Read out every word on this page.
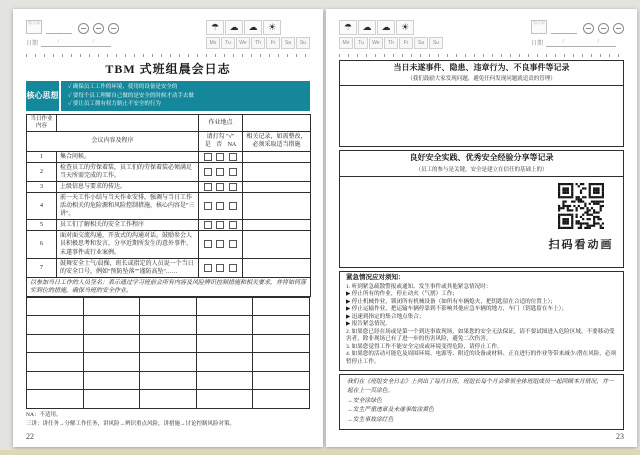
第几周
日期	/	/
☂	☁	☁	☀
Mo	Tu	We	Th	Fr	Sa	Su
TBM 式班组晨会日志
核心思想
✓ 确保员工工作的环境、使用的设备是安全的
✓ 要每个员工理解自己做的是安全的时候才动手去做
✓ 要让员工拥有权力制止不安全的行为
当日作业内容		作业地点	
会议内容及程序		请打勾 "√"
是 否 NA	相关记录，如需整改，必须采取适当措施
1	集合问候。	

2	检查员工的劳保着装，员工们的劳保着装必须满足当天所需完成的工作。	

3	上级信息与要求的传达。	

4	前一天工作小结与当天作业安排，强调与当日工作活动相关的危险源和风险控制措施，核心内容是"三讲"。	

5	员工们了解相关的安全工作程序	

6	面对面交流沟通，开放式的沟通对话，鼓励参会人员积极思考和发言，分享近期所发生的意外事件、未遂事件或行业案例。	

7	鼓舞安全士气/晨操，班长或指定的人员说一个当日的安全口号，例如"预防坠落""谨防高坠"……	

以参加当日工作的人员签名：表示通过学习班前会所有内容及风险辨识控制措施和相关要求，并将如何落实到位的措施，确保当班的安全作业。			

NA：不适用。
三讲：讲任务→分解工作任务，讲风险→辨识重点风险，讲措施→讨论控制风险对策。
22
☂	☁	☁	☀
Mo	Tu	We	Th	Fr	Sa	Su
第几周
日期	/	/
当日未遂事件、隐患、违章行为、不良事件等记录
（我们鼓励大家发现问题，避免任何发现问题就追责的管理）
良好安全实践、优秀安全经验分享等记录
（员工的参与是关键，安全是建立在信任的基础上的）
扫码看动画
紧急情况应对须知：
1. 听到紧急疏散警报或通知、发生事件或其他紧急情况时：
▶ 停止所有的作业，停止动火（气割）工作；
▶ 停止机械作业，锁闭所有机械设备（如所有车辆熄火，把钥匙留在合适的位置上）；
▶ 停止运输作业，把运输车辆停靠到不影响其他应急车辆的地方，车门（钥匙留在车上）；
▶ 迅速到指定的集合地点集合；
▶ 报告紧急情况。
2. 如果您已经在场或是第一个到达事故现场，如果您的安全无法保证，请不要试图进入危险区域，不要移动受害者，除非现场已有了进一步的伤害风险，避免二次伤害。
3. 如果您觉得工作不能安全完成或环境变得危险，请停止工作。
4. 如果您的活动可能危及周围环境、电源等、附近的设备或材料、正在进行的作业等带来减少/潜在风险，必须暂停止工作。
我们在《班组安全日志》上列出了每月日历，班组长每个月会带领全体班组成员一起回顾本月情况，并一起在上一页涂色。
→安全涂绿色
→发生严重违章及未遂事故涂黄色
→发生事故涂红色
23
